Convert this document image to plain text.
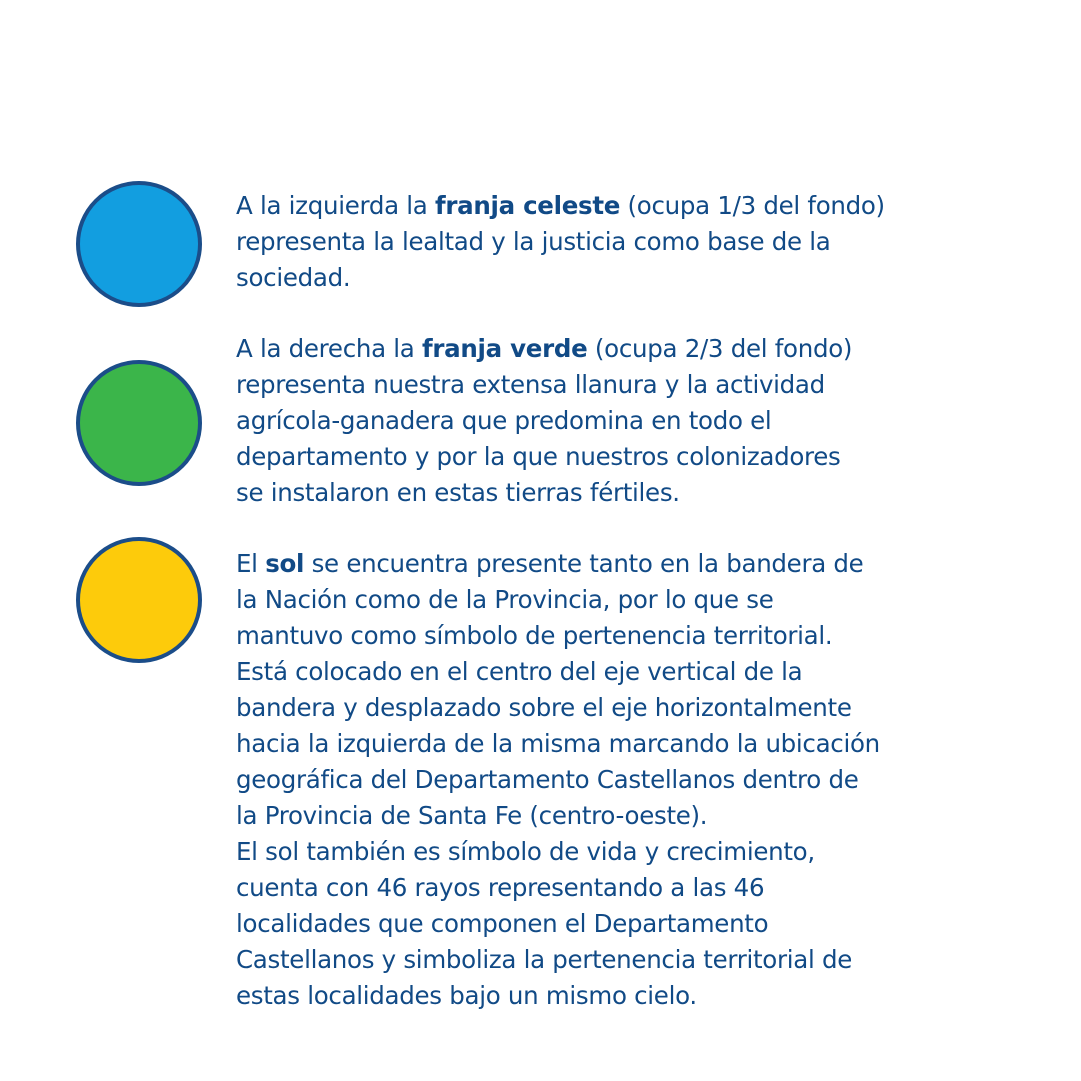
A la izquierda la franja celeste (ocupa 1/3 del fondo)
representa la lealtad y la justicia como base de la
sociedad.

A la derecha la franja verde (ocupa 2/3 del fondo)
representa nuestra extensa llanura y la actividad
agrícola-ganadera que predomina en todo el
departamento y por la que nuestros colonizadores
se instalaron en estas tierras fértiles.

El sol se encuentra presente tanto en la bandera de
la Nación como de la Provincia, por lo que se
mantuvo como símbolo de pertenencia territorial.
Está colocado en el centro del eje vertical de la
bandera y desplazado sobre el eje horizontalmente
hacia la izquierda de la misma marcando la ubicación
geográfica del Departamento Castellanos dentro de
la Provincia de Santa Fe (centro-oeste).
El sol también es símbolo de vida y crecimiento,
cuenta con 46 rayos representando a las 46
localidades que componen el Departamento
Castellanos y simboliza la pertenencia territorial de
estas localidades bajo un mismo cielo.
